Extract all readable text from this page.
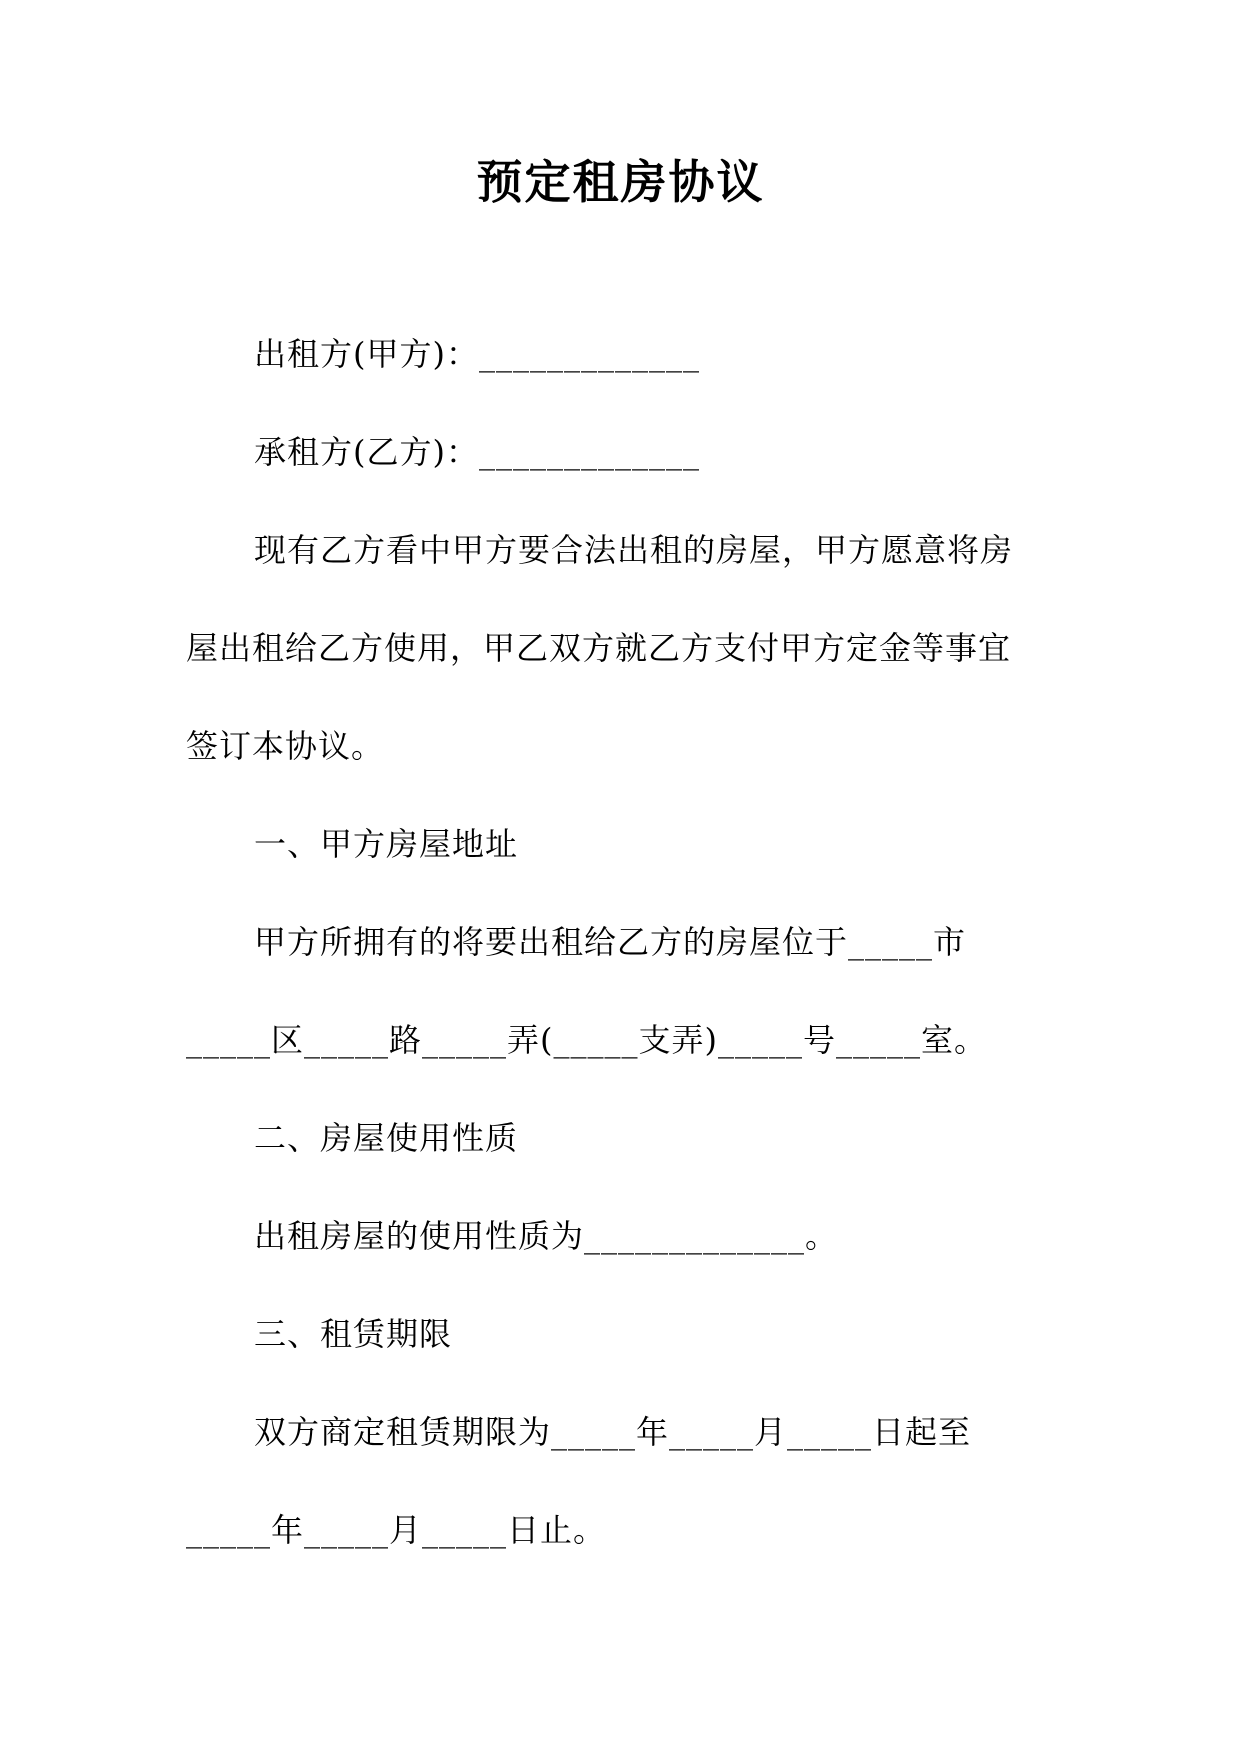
预定租房协议

出租方(甲方)：_____________

承租方(乙方)：_____________

现有乙方看中甲方要合法出租的房屋，甲方愿意将房

屋出租给乙方使用，甲乙双方就乙方支付甲方定金等事宜

签订本协议。

一、甲方房屋地址

甲方所拥有的将要出租给乙方的房屋位于_____市

_____区_____路_____弄(_____支弄)_____号_____室。

二、房屋使用性质

出租房屋的使用性质为_____________。

三、租赁期限

双方商定租赁期限为_____年_____月_____日起至

_____年_____月_____日止。
